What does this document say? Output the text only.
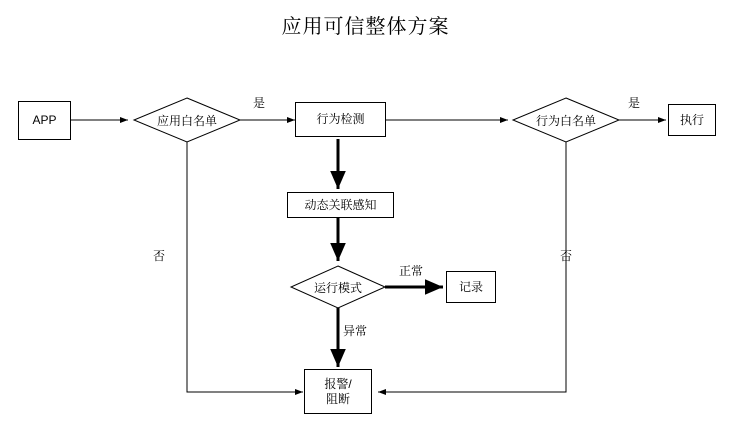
应用可信整体方案
APP	行为检测
动态关联感知
记录
报警/
阻断
执行
应用白名单	行为白名单
运行模式
是
否
是
否
正常
异常
